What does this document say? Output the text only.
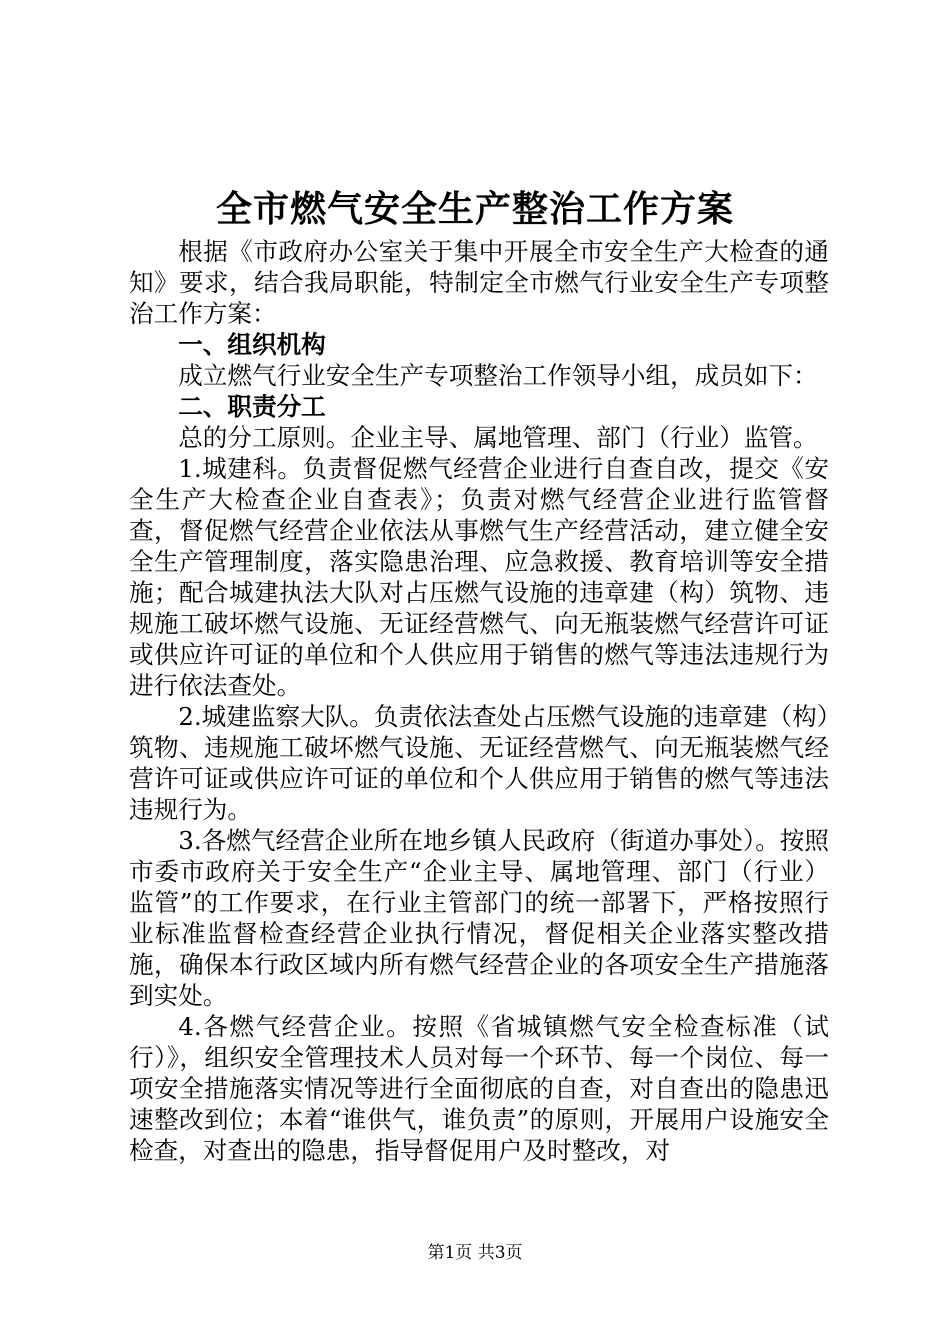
全市燃气安全生产整治工作方案

根据《市政府办公室关于集中开展全市安全生产大检查的通知》要求，结合我局职能，特制定全市燃气行业安全生产专项整治工作方案：

一、组织机构

成立燃气行业安全生产专项整治工作领导小组，成员如下：

二、职责分工

总的分工原则。企业主导、属地管理、部门（行业）监管。

1.城建科。负责督促燃气经营企业进行自查自改，提交《安全生产大检查企业自查表》；负责对燃气经营企业进行监管督查，督促燃气经营企业依法从事燃气生产经营活动，建立健全安全生产管理制度，落实隐患治理、应急救援、教育培训等安全措施；配合城建执法大队对占压燃气设施的违章建（构）筑物、违规施工破坏燃气设施、无证经营燃气、向无瓶装燃气经营许可证或供应许可证的单位和个人供应用于销售的燃气等违法违规行为进行依法查处。

2.城建监察大队。负责依法查处占压燃气设施的违章建（构）筑物、违规施工破坏燃气设施、无证经营燃气、向无瓶装燃气经营许可证或供应许可证的单位和个人供应用于销售的燃气等违法违规行为。

3.各燃气经营企业所在地乡镇人民政府（街道办事处）。按照市委市政府关于安全生产“企业主导、属地管理、部门（行业）监管”的工作要求，在行业主管部门的统一部署下，严格按照行业标准监督检查经营企业执行情况，督促相关企业落实整改措施，确保本行政区域内所有燃气经营企业的各项安全生产措施落到实处。

4.各燃气经营企业。按照《省城镇燃气安全检查标准（试行）》，组织安全管理技术人员对每一个环节、每一个岗位、每一项安全措施落实情况等进行全面彻底的自查，对自查出的隐患迅速整改到位；本着“谁供气，谁负责”的原则，开展用户设施安全检查，对查出的隐患，指导督促用户及时整改，对

第1页 共3页
